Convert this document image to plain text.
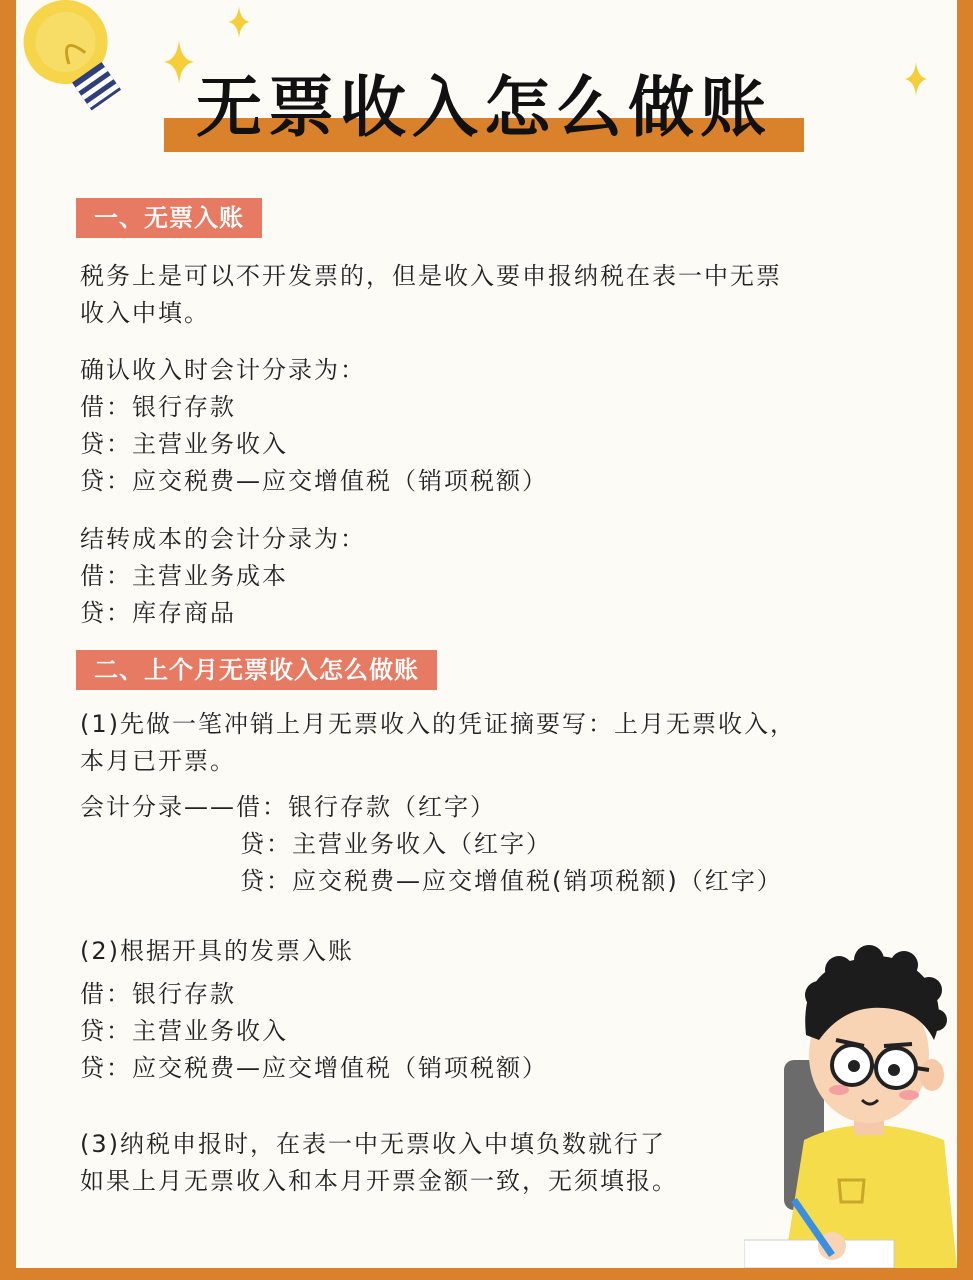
无票收入怎么做账
一、无票入账
税务上是可以不开发票的，但是收入要申报纳税在表一中无票
收入中填。
确认收入时会计分录为：
借：银行存款
贷：主营业务收入
贷：应交税费—应交增值税（销项税额）
结转成本的会计分录为：
借：主营业务成本
贷：库存商品
二、上个月无票收入怎么做账
(1)先做一笔冲销上月无票收入的凭证摘要写：上月无票收入，
本月已开票。
会计分录——借：银行存款（红字）
贷：主营业务收入（红字）
贷：应交税费—应交增值税(销项税额)（红字）
(2)根据开具的发票入账
借：银行存款
贷：主营业务收入
贷：应交税费—应交增值税（销项税额）
(3)纳税申报时，在表一中无票收入中填负数就行了
如果上月无票收入和本月开票金额一致，无须填报。
